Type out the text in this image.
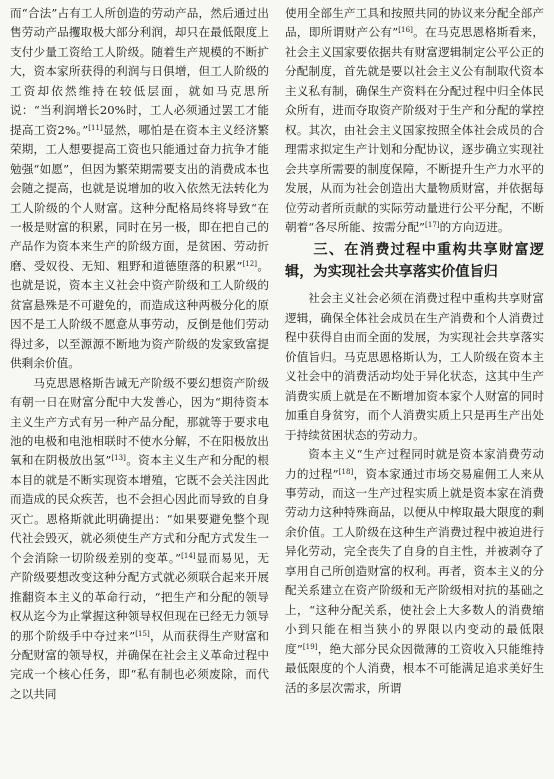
而“合法”占有工人所创造的劳动产品，然后通过出售劳动产品攫取极大部分利润，却只在最低限度上支付少量工资给工人阶级。随着生产规模的不断扩大，资本家所获得的利润与日俱增，但工人阶级的工资却依然维持在较低层面，就如马克思所说：“当利润增长20%时，工人必须通过罢工才能提高工资2%。”[11]显然，哪怕是在资本主义经济繁荣期，工人想要提高工资也只能通过奋力抗争才能勉强“如愿”，但因为繁荣期需要支出的消费成本也会随之提高，也就是说增加的收入依然无法转化为工人阶级的个人财富。这种分配格局终将导致“在一极是财富的积累，同时在另一极，即在把自己的产品作为资本来生产的阶级方面，是贫困、劳动折磨、受奴役、无知、粗野和道德堕落的积累”[12]。也就是说，资本主义社会中资产阶级和工人阶级的贫富悬殊是不可避免的，而造成这种两极分化的原因不是工人阶级不愿意从事劳动，反倒是他们劳动得过多，以至源源不断地为资产阶级的发家致富提供剩余价值。

马克思恩格斯告诫无产阶级不要幻想资产阶级有朝一日在财富分配中大发善心，因为“期待资本主义生产方式有另一种产品分配，那就等于要求电池的电极和电池相联时不使水分解，不在阳极放出氧和在阴极放出氢”[13]。资本主义生产和分配的根本目的就是不断实现资本增殖，它既不会关注因此而造成的民众疾苦，也不会担心因此而导致的自身灭亡。恩格斯就此明确提出：“如果要避免整个现代社会毁灭，就必须使生产方式和分配方式发生一个会消除一切阶级差别的变革。”[14]显而易见，无产阶级要想改变这种分配方式就必须联合起来开展推翻资本主义的革命行动，“把生产和分配的领导权从迄今为止掌握这种领导权但现在已经无力领导的那个阶级手中夺过来”[15]，从而获得生产财富和分配财富的领导权，并确保在社会主义革命过程中完成一个核心任务，即“私有制也必须废除，而代之以共同

使用全部生产工具和按照共同的协议来分配全部产品，即所谓财产公有”[16]。在马克思恩格斯看来，社会主义国家要依据共有财富逻辑制定公平公正的分配制度，首先就是要以社会主义公有制取代资本主义私有制，确保生产资料在分配过程中归全体民众所有，进而夺取资产阶级对于生产和分配的掌控权。其次，由社会主义国家按照全体社会成员的合理需求拟定生产计划和分配协议，逐步确立实现社会共享所需要的制度保障，不断提升生产力水平的发展，从而为社会创造出大量物质财富，并依据每位劳动者所贡献的实际劳动量进行公平分配，不断朝着“各尽所能、按需分配”[17]的方向迈进。

三、在消费过程中重构共享财富逻辑，为实现社会共享落实价值旨归

社会主义社会必须在消费过程中重构共享财富逻辑，确保全体社会成员在生产消费和个人消费过程中获得自由而全面的发展，为实现社会共享落实价值旨归。马克思恩格斯认为，工人阶级在资本主义社会中的消费活动均处于异化状态，这其中生产消费实质上就是在不断增加资本家个人财富的同时加重自身贫穷，而个人消费实质上只是再生产出处于持续贫困状态的劳动力。

资本主义“生产过程同时就是资本家消费劳动力的过程”[18]，资本家通过市场交易雇佣工人来从事劳动，而这一生产过程实质上就是资本家在消费劳动力这种特殊商品，以便从中榨取最大限度的剩余价值。工人阶级在这种生产消费过程中被迫进行异化劳动，完全丧失了自身的自主性，并被剥夺了享用自己所创造财富的权利。再者，资本主义的分配关系建立在资产阶级和无产阶级相对抗的基础之上，“这种分配关系，使社会上大多数人的消费缩小到只能在相当狭小的界限以内变动的最低限度”[19]，绝大部分民众因微薄的工资收入只能维持最低限度的个人消费，根本不可能满足追求美好生活的多层次需求，所谓
